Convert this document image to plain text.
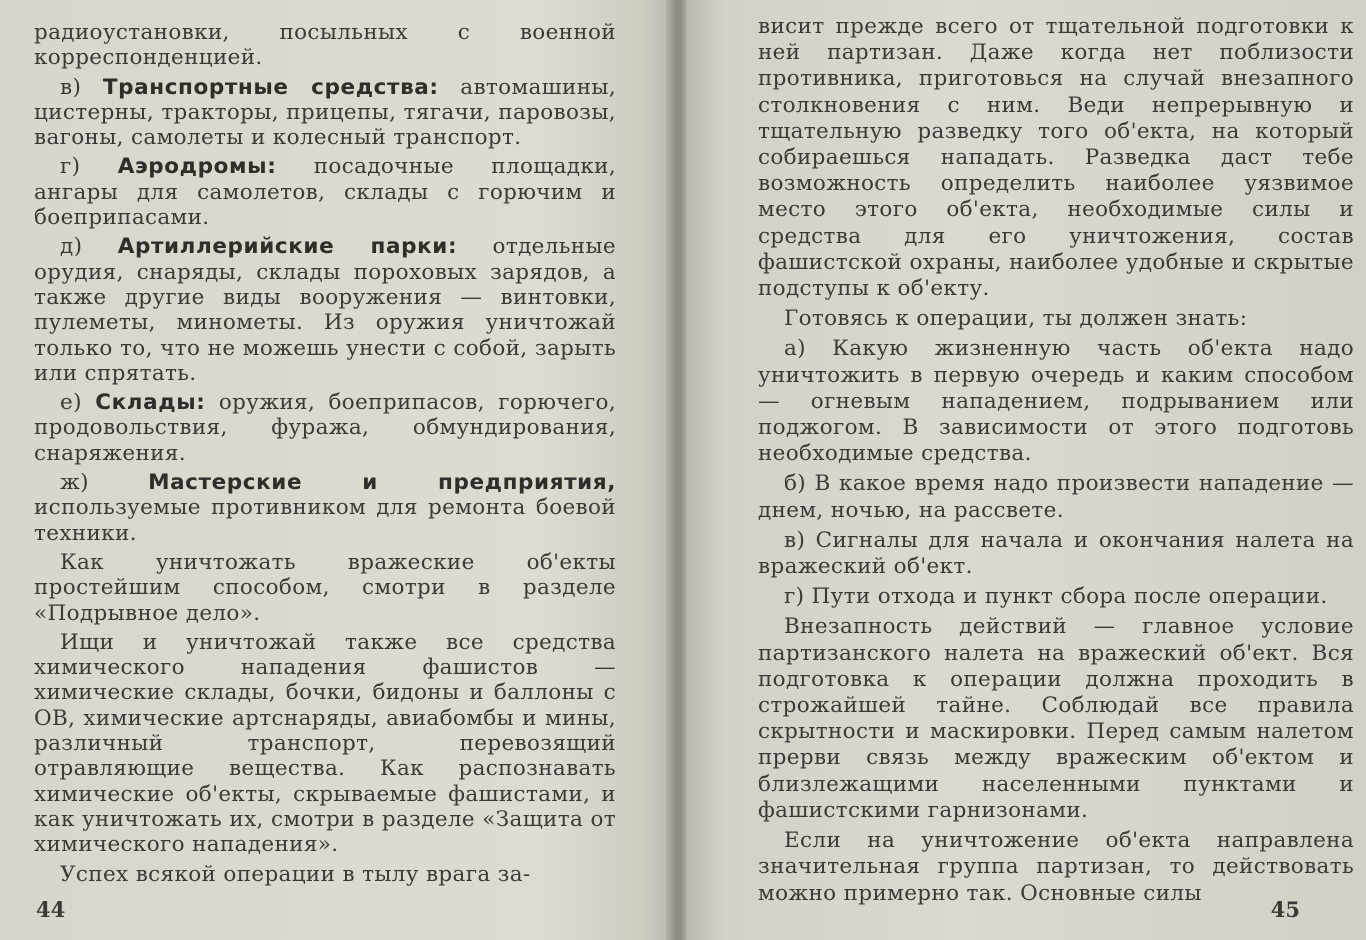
радиоустановки, посыльных с военной корреспонденцией.

в) Транспортные средства: автомашины, цистерны, тракторы, прицепы, тягачи, паровозы, вагоны, самолеты и колесный транспорт.

г) Аэродромы: посадочные площадки, ангары для самолетов, склады с горючим и боеприпасами.

д) Артиллерийские парки: отдельные орудия, снаряды, склады пороховых зарядов, а также другие виды вооружения — винтовки, пулеметы, минометы. Из оружия уничтожай только то, что не можешь унести с собой, зарыть или спрятать.

е) Склады: оружия, боеприпасов, горючего, продовольствия, фуража, обмундирования, снаряжения.

ж)	Мастерские и предприятия, используемые противником для ремонта боевой техники.

Как уничтожать вражеские об'екты простейшим способом, смотри в разделе «Подрывное дело».

Ищи и уничтожай также все средства химического нападения фашистов — химические склады, бочки, бидоны и баллоны с ОВ, химические артснаряды, авиабомбы и мины, различный транспорт, перевозящий отравляющие вещества. Как распознавать химические об'екты, скрываемые фашистами, и как уничтожать их, смотри в разделе «Защита от химического нападения».

Успех всякой операции в тылу врага за-

44

висит прежде всего от тщательной подготовки к ней партизан. Даже когда нет поблизости противника, приготовься на случай внезапного столкновения с ним. Веди непрерывную и тщательную разведку того об'екта, на который собираешься нападать. Разведка даст тебе возможность определить наиболее уязвимое место этого об'екта, необходимые силы и средства для его уничтожения, состав фашистской охраны, наиболее удобные и скрытые подступы к об'екту.

Готовясь к операции, ты должен знать:

а) Какую жизненную часть об'екта надо уничтожить в первую очередь и каким способом — огневым нападением, подрыванием или поджогом. В зависимости от этого подготовь необходимые средства.

б) В какое время надо произвести нападение — днем, ночью, на рассвете.

в) Сигналы для начала и окончания налета на вражеский об'ект.

г) Пути отхода и пункт сбора после операции.

Внезапность действий — главное условие партизанского налета на вражеский об'ект. Вся подготовка к операции должна проходить в строжайшей тайне. Соблюдай все правила скрытности и маскировки. Перед самым налетом прерви связь между вражеским об'ектом и близлежащими населенными пунктами и фашистскими гарнизонами.

Если на уничтожение об'екта направлена значительная группа партизан, то действовать можно примерно так. Основные силы

45
